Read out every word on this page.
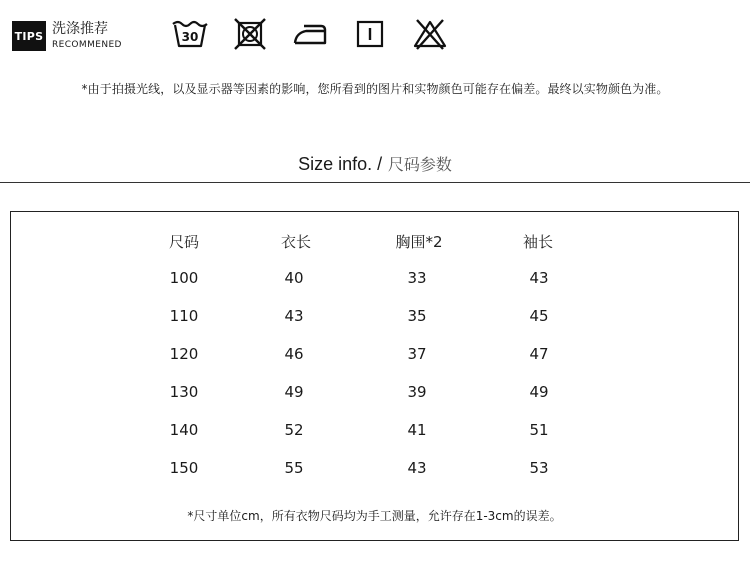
TIPS 洗涤推荐
RECOMMENED
30
*由于拍摄光线，以及显示器等因素的影响，您所看到的图片和实物颜色可能存在偏差。最终以实物颜色为准。
Size info. / 尺码参数
尺码	衣长	胸围*2	袖长
100	40	33	43
110	43	35	45
120	46	37	47
130	49	39	49
140	52	41	51
150	55	43	53
*尺寸单位cm，所有衣物尺码均为手工测量，允许存在1-3cm的误差。
